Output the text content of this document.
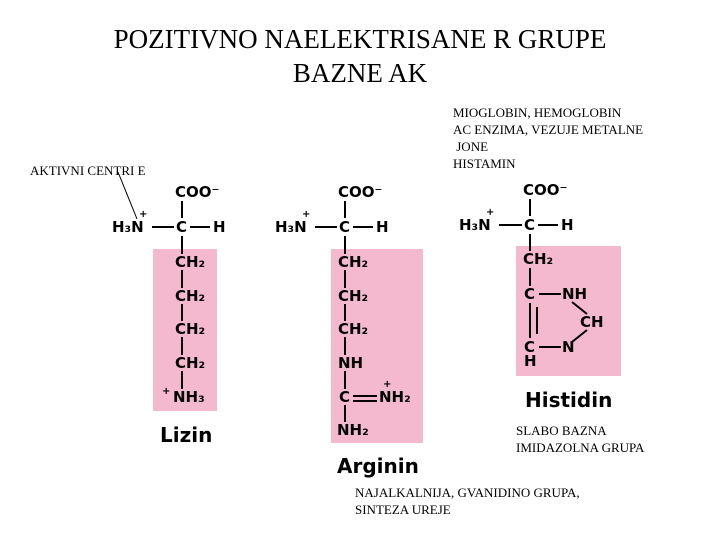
POZITIVNO NAELEKTRISANE R GRUPE
BAZNE AK
AKTIVNI CENTRI E
MIOGLOBIN, HEMOGLOBIN
AC ENZIMA, VEZUJE METALNE
JONE
HISTAMIN
SLABO BAZNA
IMIDAZOLNA GRUPA
NAJALKALNIJA, GVANIDINO GRUPA,
SINTEZA UREJE
COO⁻
H₃N
+
C H
CH₂
CH₂
CH₂
CH₂
+ NH₃
Lizin
COO⁻
H₃N
+
C H
CH₂
CH₂
CH₂
NH
C
+
NH₂
NH₂
Arginin
COO⁻
H₃N
+
C H
CH₂
C NH
CH
C N
H
Histidin
